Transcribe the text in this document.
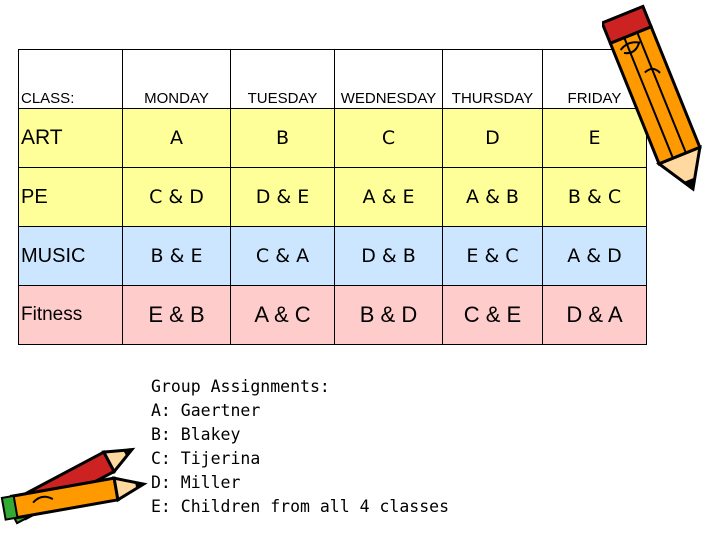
CLASS:	MONDAY	TUESDAY	WEDNESDAY	THURSDAY	FRIDAY
ART	A	B	C	D	E
PE	C & D	D & E	A & E	A & B	B & C
MUSIC	B & E	C & A	D & B	E & C	A & D
Fitness	E & B	A & C	B & D	C & E	D & A
Group Assignments:
A: Gaertner
B: Blakey
C: Tijerina
D: Miller
E: Children from all 4 classes
